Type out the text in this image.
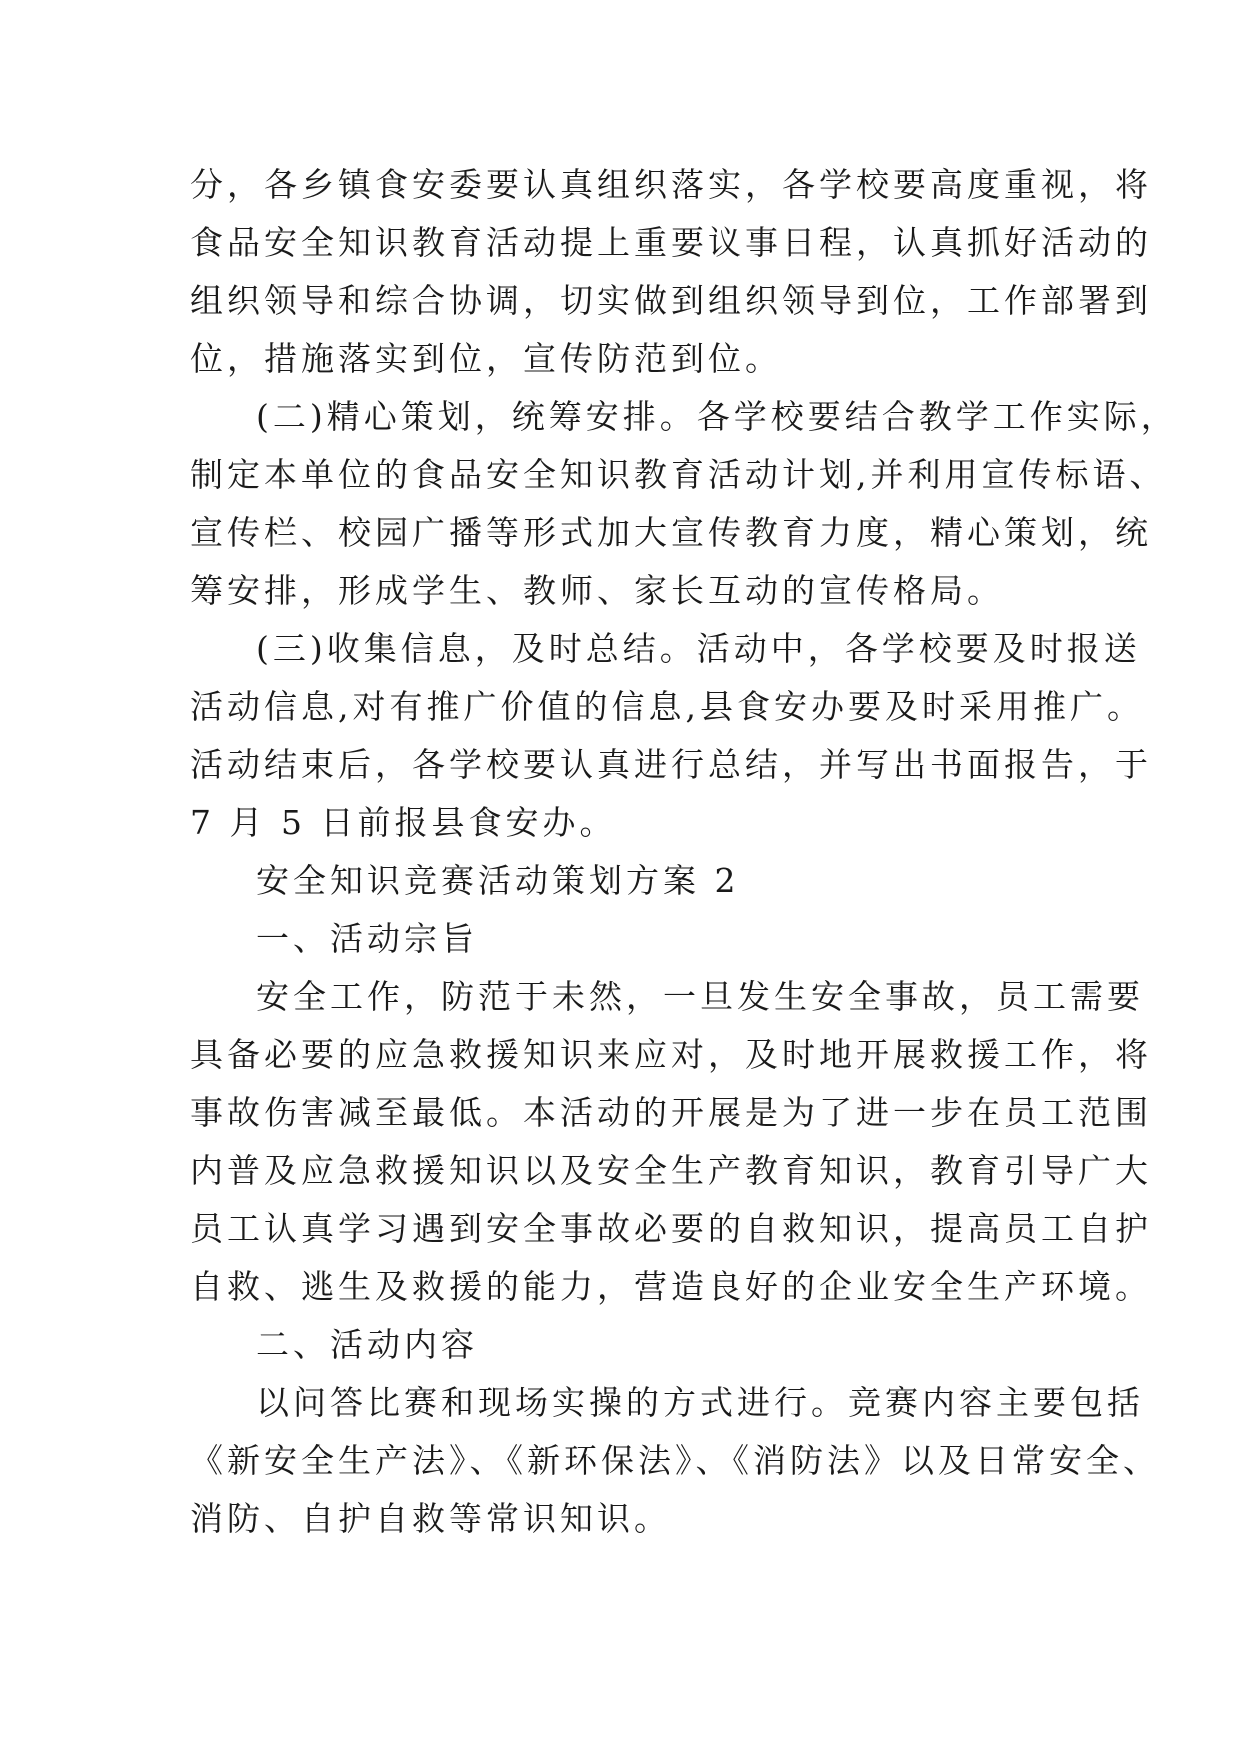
分，各乡镇食安委要认真组织落实，各学校要高度重视，将
食品安全知识教育活动提上重要议事日程，认真抓好活动的
组织领导和综合协调，切实做到组织领导到位，工作部署到
位，措施落实到位，宣传防范到位。
(二)精心策划，统筹安排。各学校要结合教学工作实际，
制定本单位的食品安全知识教育活动计划,并利用宣传标语、
宣传栏、校园广播等形式加大宣传教育力度，精心策划，统
筹安排，形成学生、教师、家长互动的宣传格局。
(三)收集信息，及时总结。活动中，各学校要及时报送
活动信息,对有推广价值的信息,县食安办要及时采用推广。
活动结束后，各学校要认真进行总结，并写出书面报告，于
7 月 5 日前报县食安办。
安全知识竞赛活动策划方案 2
一、活动宗旨
安全工作，防范于未然，一旦发生安全事故，员工需要
具备必要的应急救援知识来应对，及时地开展救援工作，将
事故伤害减至最低。本活动的开展是为了进一步在员工范围
内普及应急救援知识以及安全生产教育知识，教育引导广大
员工认真学习遇到安全事故必要的自救知识，提高员工自护
自救、逃生及救援的能力，营造良好的企业安全生产环境。
二、活动内容
以问答比赛和现场实操的方式进行。竞赛内容主要包括
《新安全生产法》、《新环保法》、《消防法》以及日常安全、
消防、自护自救等常识知识。
